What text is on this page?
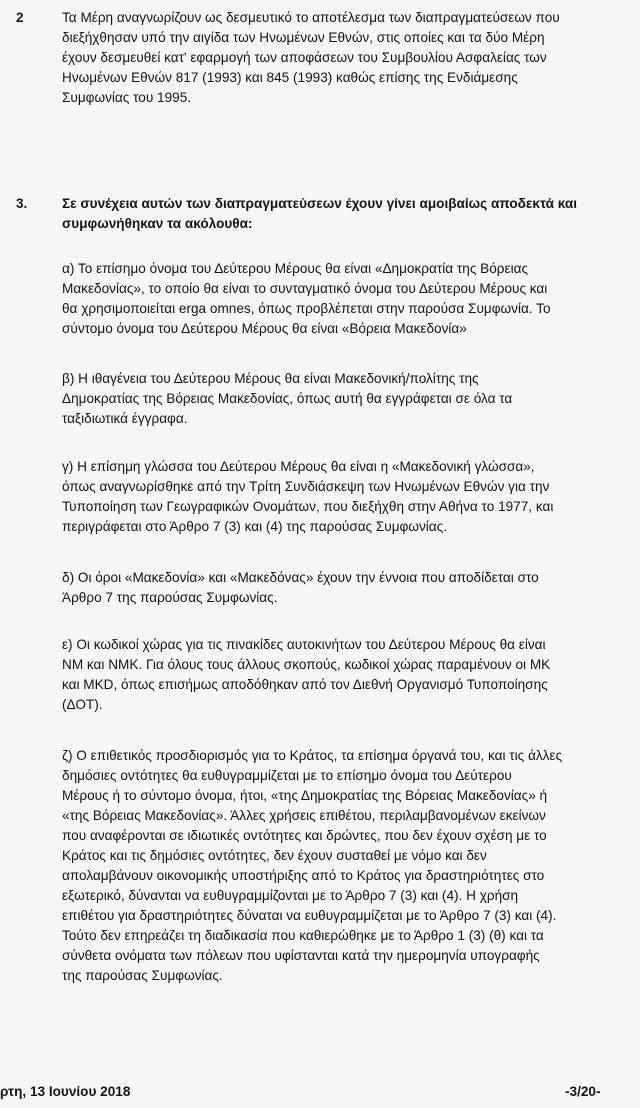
2	Τα Μέρη αναγνωρίζουν ως δεσμευτικό το αποτέλεσμα των διαπραγματεύσεων που
διεξήχθησαν υπό την αιγίδα των Ηνωμένων Εθνών, στις οποίες και τα δύο Μέρη
έχουν δεσμευθεί κατ' εφαρμογή των αποφάσεων του Συμβουλίου Ασφαλείας των
Ηνωμένων Εθνών 817 (1993) και 845 (1993) καθώς επίσης της Ενδιάμεσης
Συμφωνίας του 1995.
3.	Σε συνέχεια αυτών των διαπραγματεύσεων έχουν γίνει αμοιβαίως αποδεκτά και
συμφωνήθηκαν τα ακόλουθα:
α) Το επίσημο όνομα του Δεύτερου Μέρους θα είναι «Δημοκρατία της Βόρειας
Μακεδονίας», το οποίο θα είναι το συνταγματικό όνομα του Δεύτερου Μέρους και
θα χρησιμοποιείται erga omnes, όπως προβλέπεται στην παρούσα Συμφωνία. Το
σύντομο όνομα του Δεύτερου Μέρους θα είναι «Βόρεια Μακεδονία»
β) Η ιθαγένεια του Δεύτερου Μέρους θα είναι Μακεδονική/πολίτης της
Δημοκρατίας της Βόρειας Μακεδονίας, όπως αυτή θα εγγράφεται σε όλα τα
ταξιδιωτικά έγγραφα.
γ) Η επίσημη γλώσσα του Δεύτερου Μέρους θα είναι η «Μακεδονική γλώσσα»,
όπως αναγνωρίσθηκε από την Τρίτη Συνδιάσκεψη των Ηνωμένων Εθνών για την
Τυποποίηση των Γεωγραφικών Ονομάτων, που διεξήχθη στην Αθήνα το 1977, και
περιγράφεται στο Άρθρο 7 (3) και (4) της παρούσας Συμφωνίας.
δ) Οι όροι «Μακεδονία» και «Μακεδόνας» έχουν την έννοια που αποδίδεται στο
Άρθρο 7 της παρούσας Συμφωνίας.
ε) Οι κωδικοί χώρας για τις πινακίδες αυτοκινήτων του Δεύτερου Μέρους θα είναι
NM και NMK. Για όλους τους άλλους σκοπούς, κωδικοί χώρας παραμένουν οι MK
και MKD, όπως επισήμως αποδόθηκαν από τον Διεθνή Οργανισμό Τυποποίησης
(ΔΟΤ).
ζ) Ο επιθετικός προσδιορισμός για το Κράτος, τα επίσημα όργανά του, και τις άλλες
δημόσιες οντότητες θα ευθυγραμμίζεται με το επίσημο όνομα του Δεύτερου
Μέρους ή το σύντομο όνομα, ήτοι, «της Δημοκρατίας της Βόρειας Μακεδονίας» ή
«της Βόρειας Μακεδονίας». Άλλες χρήσεις επιθέτου, περιλαμβανομένων εκείνων
που αναφέρονται σε ιδιωτικές οντότητες και δρώντες, που δεν έχουν σχέση με το
Κράτος και τις δημόσιες οντότητες, δεν έχουν συσταθεί με νόμο και δεν
απολαμβάνουν οικονομικής υποστήριξης από το Κράτος για δραστηριότητες στο
εξωτερικό, δύνανται να ευθυγραμμίζονται με το Άρθρο 7 (3) και (4). Η χρήση
επιθέτου για δραστηριότητες δύναται να ευθυγραμμίζεται με το Άρθρο 7 (3) και (4).
Τούτο δεν επηρεάζει τη διαδικασία που καθιερώθηκε με το Άρθρο 1 (3) (θ) και τα
σύνθετα ονόματα των πόλεων που υφίστανται κατά την ημερομηνία υπογραφής
της παρούσας Συμφωνίας.
ρτη, 13 Ιουνίου 2018	-3/20-
